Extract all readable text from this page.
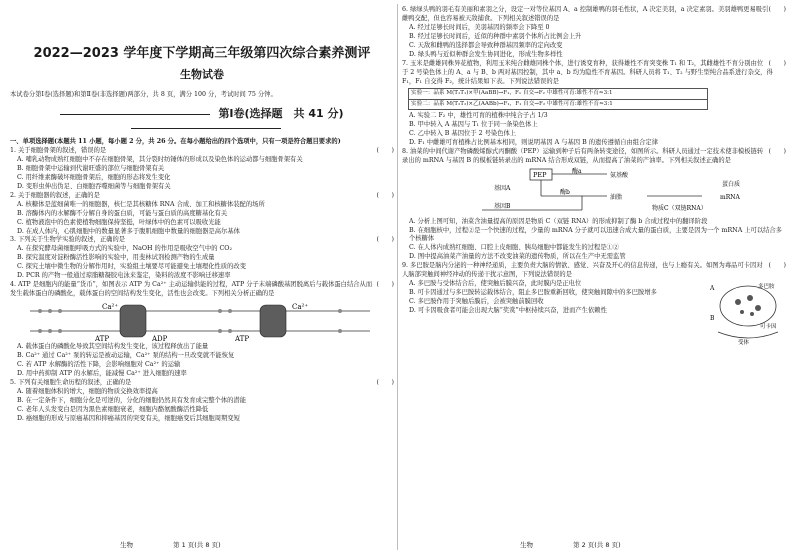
2022—2023 学年度下学期高三年级第四次综合素养测评

生物试卷

本试卷分第Ⅰ卷(选择题)和第Ⅱ卷(非选择题)两部分，共 8 页，满分 100 分，考试时间 75 分钟。

第Ⅰ卷(选择题　共 41 分)

一、单项选择题(本题共 11 小题，每小题 2 分，共 26 分。在每小题给出的四个选项中，只有一项是符合题目要求的)

(　　)
1. 关于细胞骨架的叙述，错误的是

A. 哺乳动物成熟红细胞中不存在细胞骨架，其分裂时纺锤体的形成以及染色体的运动都与细胞骨架有关

B. 细胞骨架中运输到代谢旺盛的部位与细胞骨架有关

C. 用纤维素酶破坏细胞骨架后，细胞的形态将发生变化

D. 变形虫伸出伪足、白细胞吞噬细菌等与细胞骨架有关

(　　)
2. 关于细胞器的叙述，正确的是

A. 核糖体是蓝细菌唯一的细胞器，核仁是其核糖体 RNA 合成、加工和核糖体装配的场所

B. 溶酶体内的水解酶不分解自身的蛋白质，可能与蛋白质的高度糖基化有关

C. 植物液泡中的色素使植物细胞保持坚挺，叶绿体中的色素可以吸收光能

D. 在成人体内，心肌细胞中的数量显著多于腹肌细胞中数量的细胞器是高尔基体

(　　)
3. 下列关于生物学实验的叙述，正确的是

A. 在探究酵母菌细胞呼吸方式的实验中，NaOH 的作用是吸收空气中的 CO₂

B. 探究温度对淀粉酶活性影响的实验中，用斐林试剂检测产物的生成量

C. 探究土壤中微生物的分解作用时，实验组土壤要尽可能避免土壤理化性质的改变

D. PCR 的产物一般通过琼脂糖凝胶电泳来鉴定，染料的浓度不影响迁移速率

(　　)
4. ATP 是细胞内的能量“货币”，如图表示 ATP 为 Ca²⁺ 主动运输供能的过程，ATP 分子末端磷酸基团脱离后与载体蛋白结合从而发生载体蛋白的磷酸化，载体蛋白的空间结构发生变化，活性也会改变。下列相关分析正确的是

Ca²⁺
ATP	ADP
Ca²⁺
ATP

A. 载体蛋白的磷酸化导致其空间结构发生变化，该过程释放出了能量

B. Ca²⁺ 通过 Ca²⁺ 泵的转运是被动运输，Ca²⁺ 泵的结构一旦改变就不能恢复

C. 若 ATP 水解酶的活性下降，会影响细胞对 Ca²⁺ 的运输

D. 用中药抑制 ATP 的水解后，能减慢 Ca²⁺ 进入细胞的速率

(　　)
5. 下列有关细胞生命历程的叙述，正确的是

A. 随着细胞体积的增大，细胞的物质交换效率提高

B. 在一定条件下，细胞分化是可逆的，分化的细胞仍然具有发育成完整个体的潜能

C. 老年人头发变白是因为黑色素细胞衰老，细胞内酪氨酸酶活性降低

D. 癌细胞的形成与原癌基因和抑癌基因的突变有关，细胞癌变后其细胞周期变短

(　　)
6. 绿绿头鸭的羽毛有美丽和素羽之分，设定一对等位基因 A、a 控制雄鸭的羽毛性状，A 决定美羽，a 决定素羽。美羽雄鸭更易吸引雌鸭交配，但也容易被天敌捕食。下列相关叙述错误的是

A. 经过足够长时间后，美羽基因的频率会下降至 0

B. 经过足够长时间后，近似的种群中素羽个体所占比例会上升

C. 天敌和雌鸭的选择都会导致种群基因频率的定向改变

D. 绿头鸭与近似种群会发生协同进化，形成生物多样性

(　　)
7. 玉米是雌雄同株异花植物，利用玉米纯合雌雄同株个体，进行诱变育种，获得雄性不育突变株 T₁ 和 T₂，其雌雄性不育分别由位于 2 号染色体上的 A、a 与 B、b 两对基因控制，其中 a、b 均为隐性不育基因。科研人员将 T₁、T₂ 与野生型纯合品系进行杂交，得 F₁，F₁ 自交得 F₂，统计结果如下表。下列说法错误的是

实验一：品系 M(T₁T₁)×甲(AaBB)→F₁，F₁ 自交→F₂ 中雄性可育:雄性不育≈3:1
实验二：品系 M(T₂T₂)×乙(AABb)→F₁，F₁ 自交→F₂ 中雄性可育:雄性不育≈3:1

A. 实验二 F₂ 中，雄性可育的植株中纯合子占 1/3

B. 甲中转入 A 基因与 T₁ 位于同一条染色体上

C. 乙中转入 B 基因位于 2 号染色体上

D. F₁ 中雌雄可育植株占比例基本相同，则说明基因 A 与基因 B 的遗传遵循自由组合定律

(　　)
8. 油菜的中间代谢产物磷酸烯醇式丙酮酸（PEP）运输到种子后有两条转变途径，如图所示。科研人员通过一定技术使非模板链转录出的 mRNA 与基因 B 的模板链转录出的 mRNA 结合形成双链，从而提高了油菜的产油率。下列相关叙述正确的是

PEP	酶a
酶b
基因A
基因B
氨基酸
油脂
物质C（双链RNA）
蛋白质
mRNA

A. 分析上图可知，油菜含油量提高的原因是物质 C（双链 RNA）的形成抑制了酶 b 合成过程中的翻译阶段

B. 在细胞核中，过程②是一个快速的过程，少量的 mRNA 分子就可以迅速合成大量的蛋白质，主要是因为一个 mRNA 上可以结合多个核糖体

C. 在人体内成熟红细胞、口腔上皮细胞、胰岛细胞中都能发生的过程是①②

D. 图中提高油菜产油量的方法不改变油菜的遗传物质，所以在生产中无需监管

(　　)
9. 多巴胺是脑内分泌的一种神经递质，主要负责大脑的情欲、感觉、兴奋及开心的信息传递，也与上瘾有关。如图为毒品可卡因对人脑部突触间神经冲动的传递干扰示意图，下列说法错误的是

A. 多巴胺与受体结合后，使突触后膜兴奋，此时膜内是正电位

B. 可卡因通过与多巴胺转运载体结合，阻止多巴胺重新回收，使突触间隙中的多巴胺增多

C. 多巴胺作用于突触后膜后，会被突触前膜回收

D. 可卡因吸食者可能会出现大脑“奖赏”中枢持续兴奋，进而产生依赖性

A
B
多巴胺
可卡因
受体
生物	第 1 页(共 8 页)	生物	第 2 页(共 8 页)
